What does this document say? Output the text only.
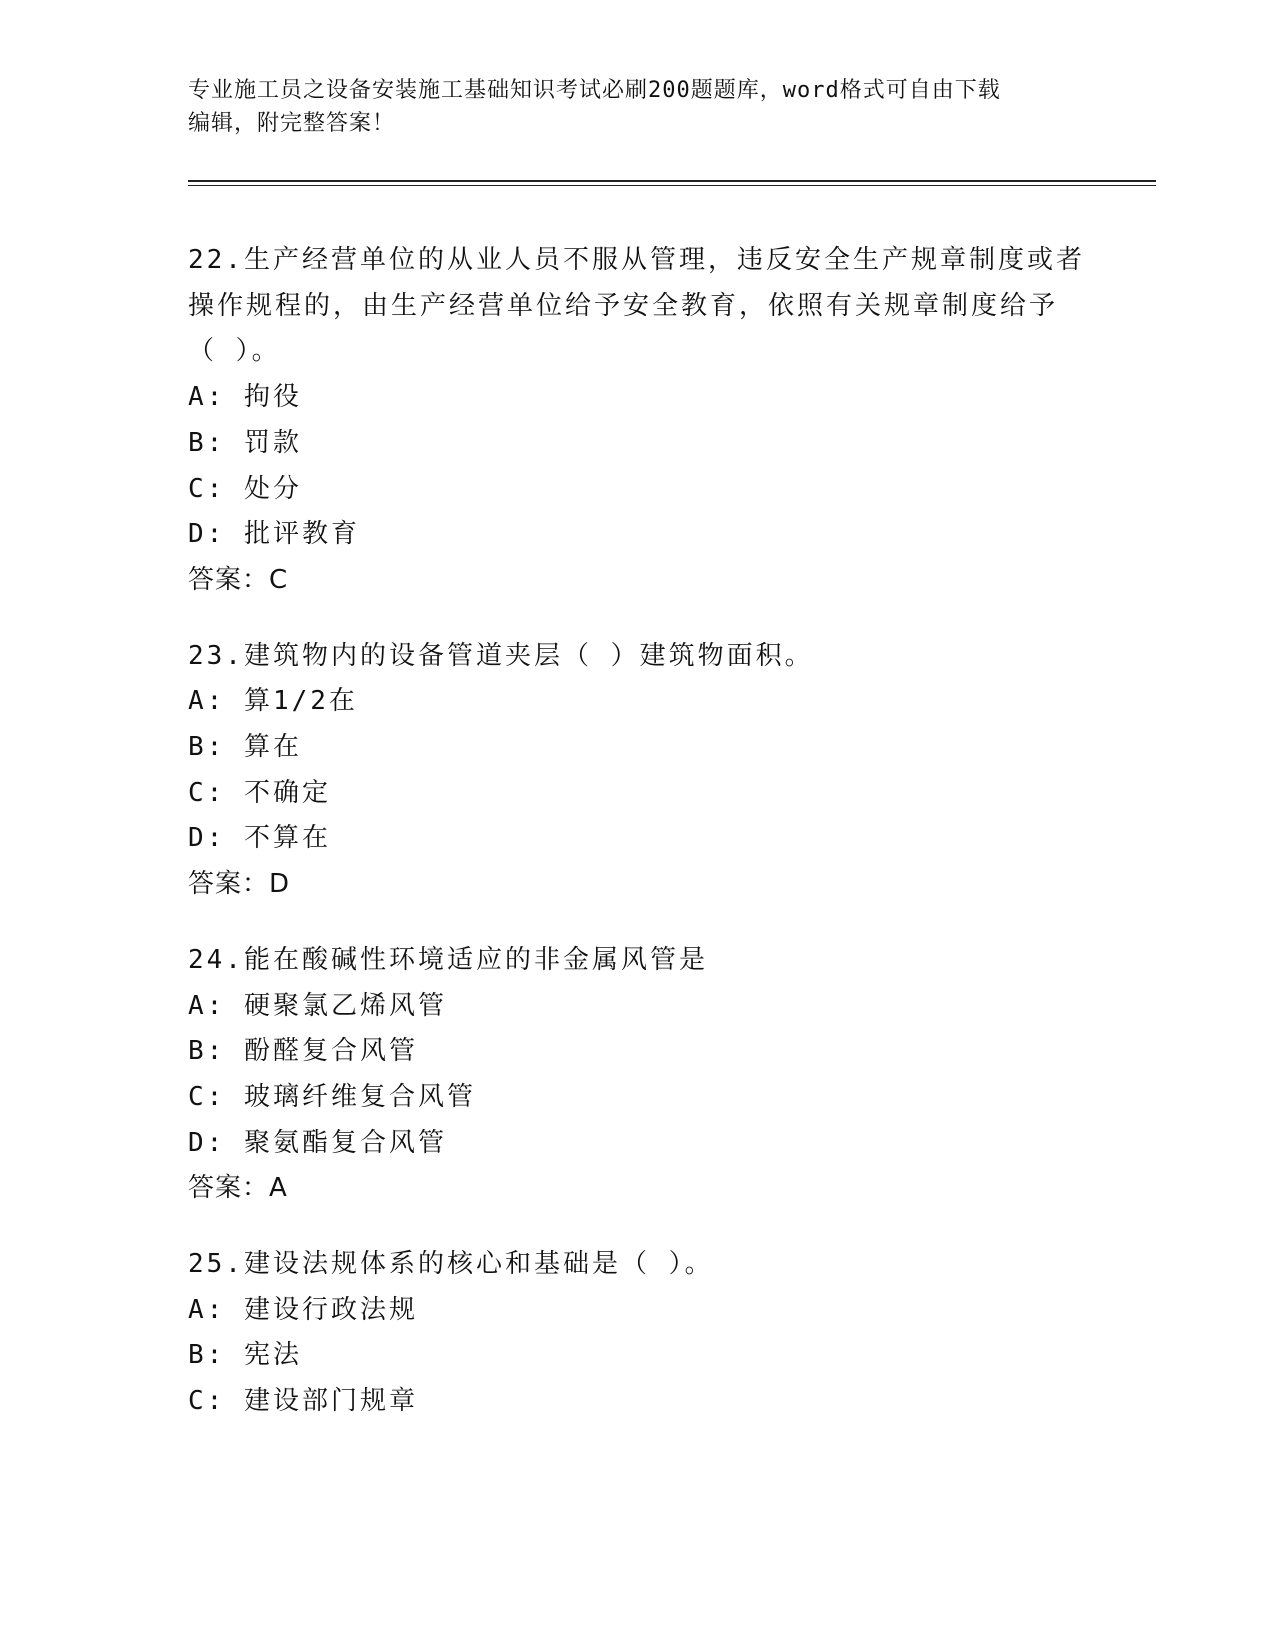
专业施工员之设备安装施工基础知识考试必刷200题题库，word格式可自由下载
编辑，附完整答案！
22.生产经营单位的从业人员不服从管理，违反安全生产规章制度或者
操作规程的，由生产经营单位给予安全教育，依照有关规章制度给予
（ ）。
A: 拘役
B: 罚款
C: 处分
D: 批评教育
答案：C
23.建筑物内的设备管道夹层（ ）建筑物面积。
A: 算1/2在
B: 算在
C: 不确定
D: 不算在
答案：D
24.能在酸碱性环境适应的非金属风管是
A: 硬聚氯乙烯风管
B: 酚醛复合风管
C: 玻璃纤维复合风管
D: 聚氨酯复合风管
答案：A
25.建设法规体系的核心和基础是（ ）。
A: 建设行政法规
B: 宪法
C: 建设部门规章
